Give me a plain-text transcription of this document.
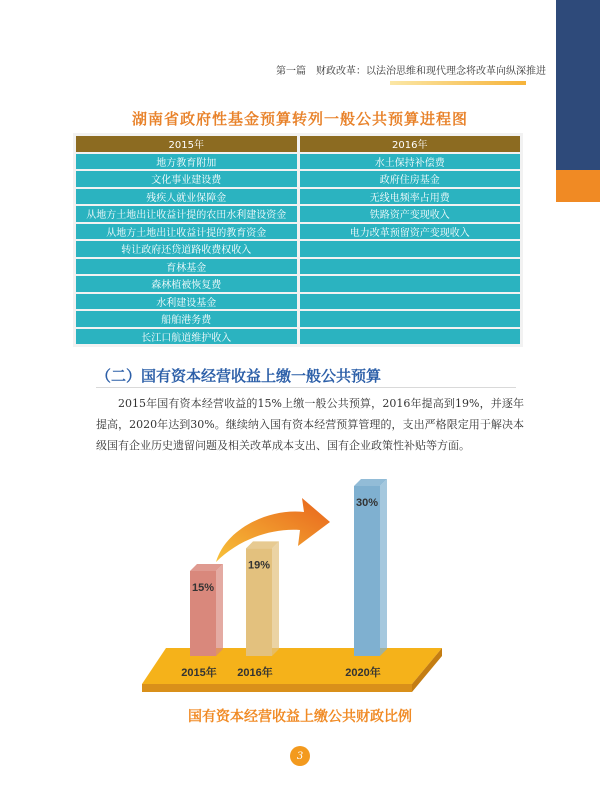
第一篇　财政改革：以法治思维和现代理念将改革向纵深推进
湖南省政府性基金预算转列一般公共预算进程图
2015年	2016年
地方教育附加	水土保持补偿费
文化事业建设费	政府住房基金
残疾人就业保障金	无线电频率占用费
从地方土地出让收益计提的农田水利建设资金	铁路资产变现收入
从地方土地出让收益计提的教育资金	电力改革预留资产变现收入
转让政府还贷道路收费权收入
育林基金
森林植被恢复费
水利建设基金
船舶港务费
长江口航道维护收入
（二）国有资本经营收益上缴一般公共预算
2015年国有资本经营收益的15%上缴一般公共预算，2016年提高到19%，并逐年提高，2020年达到30%。继续纳入国有资本经营预算管理的，支出严格限定用于解决本级国有企业历史遗留问题及相关改革成本支出、国有企业政策性补贴等方面。
15%
2015年
19%
2016年
30%
2020年
国有资本经营收益上缴公共财政比例
3
